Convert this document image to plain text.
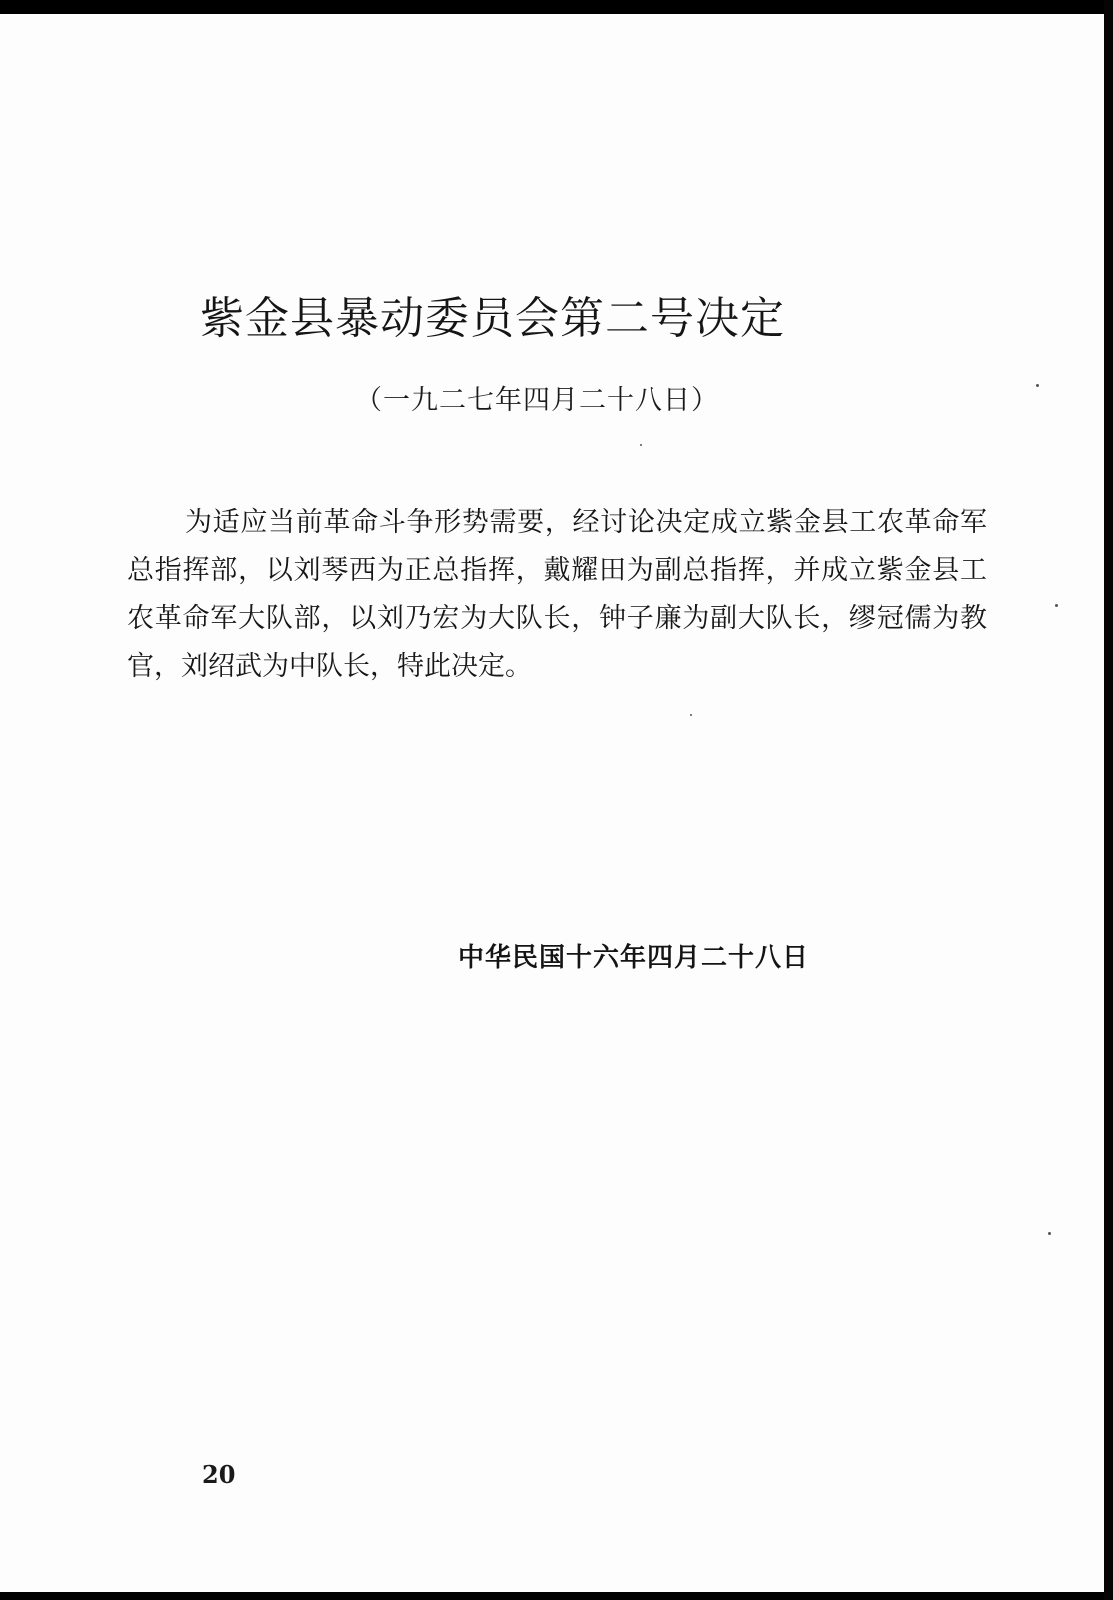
紫金县暴动委员会第二号决定
（一九二七年四月二十八日）

为适应当前革命斗争形势需要，经讨论决定成立紫金县工农革命军总指挥部，以刘琴西为正总指挥，戴耀田为副总指挥，并成立紫金县工农革命军大队部，以刘乃宏为大队长，钟子廉为副大队长，缪冠儒为教官，刘绍武为中队长，特此决定。

中华民国十六年四月二十八日
20
